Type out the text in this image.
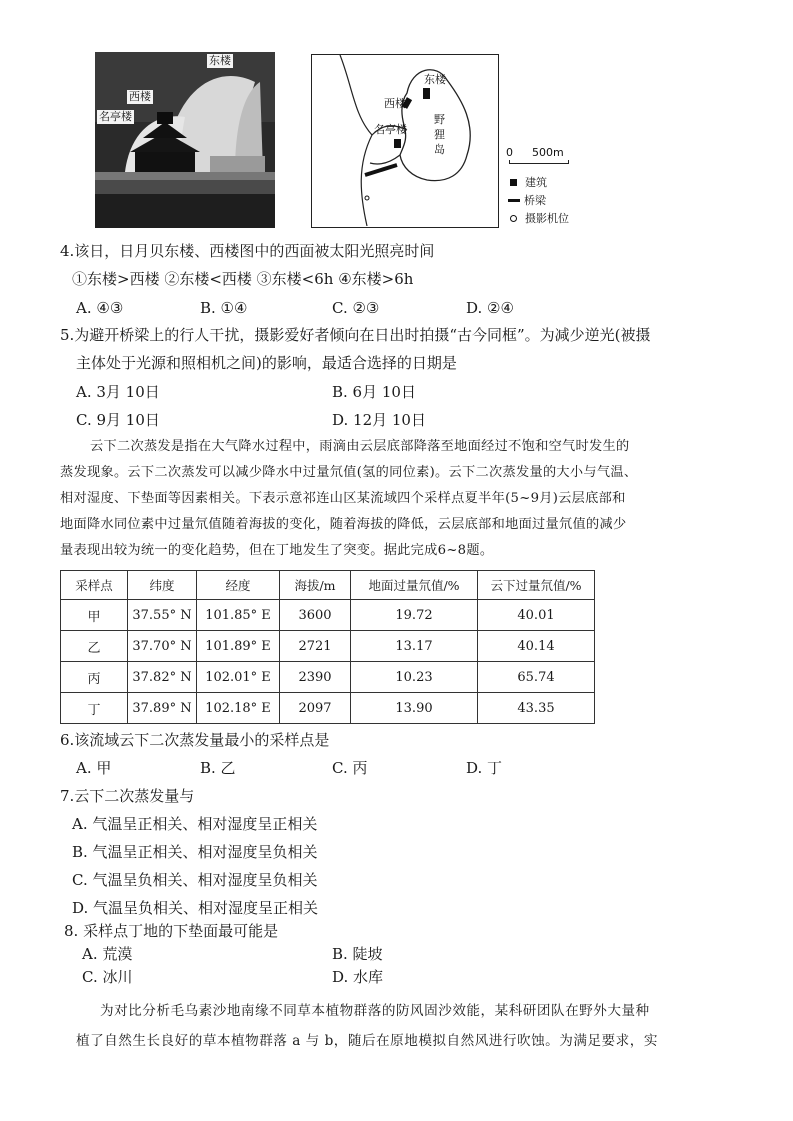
东楼
西楼
名亭楼
东楼
西楼
名亭楼
野
狸
岛	0 500m
建筑
桥梁
摄影机位
4.该日，日月贝东楼、西楼图中的西面被太阳光照亮时间
①东楼>西楼 ②东楼<西楼 ③东楼<6h ④东楼>6h
A. ④③	B. ①④	C. ②③	D. ②④
5.为避开桥梁上的行人干扰，摄影爱好者倾向在日出时拍摄“古今同框”。为减少逆光(被摄
主体处于光源和照相机之间)的影响，最适合选择的日期是
A. 3月 10日	B. 6月 10日
C. 9月 10日	D. 12月 10日
云下二次蒸发是指在大气降水过程中，雨滴由云层底部降落至地面经过不饱和空气时发生的
蒸发现象。云下二次蒸发可以减少降水中过量氘值(氢的同位素)。云下二次蒸发量的大小与气温、
相对湿度、下垫面等因素相关。下表示意祁连山区某流域四个采样点夏半年(5~9月)云层底部和
地面降水同位素中过量氘值随着海拔的变化，随着海拔的降低，云层底部和地面过量氘值的减少
量表现出较为统一的变化趋势，但在丁地发生了突变。据此完成6~8题。
采样点	纬度	经度	海拔/m	地面过量氘值/%	云下过量氘值/%
甲	37.55° N	101.85° E	3600	19.72	40.01
乙	37.70° N	101.89° E	2721	13.17	40.14
丙	37.82° N	102.01° E	2390	10.23	65.74
丁	37.89° N	102.18° E	2097	13.90	43.35
6.该流域云下二次蒸发量最小的采样点是
A. 甲	B. 乙	C. 丙	D. 丁
7.云下二次蒸发量与
A. 气温呈正相关、相对湿度呈正相关
B. 气温呈正相关、相对湿度呈负相关
C. 气温呈负相关、相对湿度呈负相关
D. 气温呈负相关、相对湿度呈正相关
8. 采样点丁地的下垫面最可能是
A. 荒漠	B. 陡坡
C. 冰川	D. 水库
为对比分析毛乌素沙地南缘不同草本植物群落的防风固沙效能，某科研团队在野外大量种
植了自然生长良好的草本植物群落 a 与 b，随后在原地模拟自然风进行吹蚀。为满足要求，实
